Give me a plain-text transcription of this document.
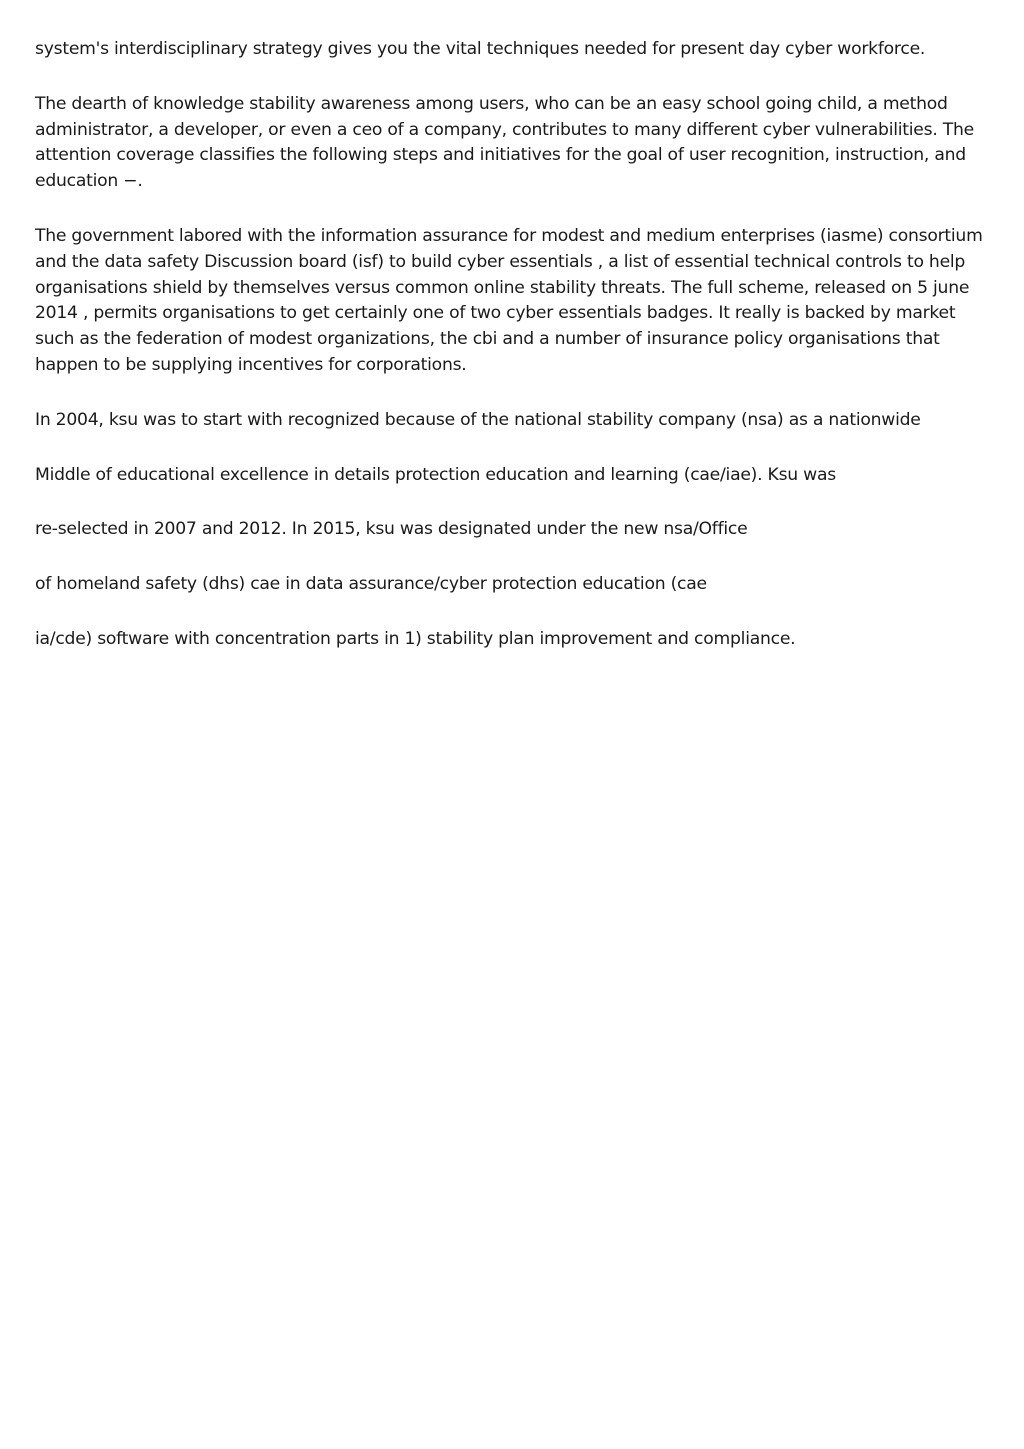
system's interdisciplinary strategy gives you the vital techniques needed for present day cyber workforce.

The dearth of knowledge stability awareness among users, who can be an easy school going child, a method administrator, a developer, or even a ceo of a company, contributes to many different cyber vulnerabilities. The attention coverage classifies the following steps and initiatives for the goal of user recognition, instruction, and education −.

The government labored with the information assurance for modest and medium enterprises (iasme) consortium and the data safety Discussion board (isf) to build cyber essentials , a list of essential technical controls to help organisations shield by themselves versus common online stability threats. The full scheme, released on 5 june 2014 , permits organisations to get certainly one of two cyber essentials badges. It really is backed by market such as the federation of modest organizations, the cbi and a number of insurance policy organisations that happen to be supplying incentives for corporations.

In 2004, ksu was to start with recognized because of the national stability company (nsa) as a nationwide

Middle of educational excellence in details protection education and learning (cae/iae). Ksu was

re-selected in 2007 and 2012. In 2015, ksu was designated under the new nsa/Office

of homeland safety (dhs) cae in data assurance/cyber protection education (cae

ia/cde) software with concentration parts in 1) stability plan improvement and compliance.
